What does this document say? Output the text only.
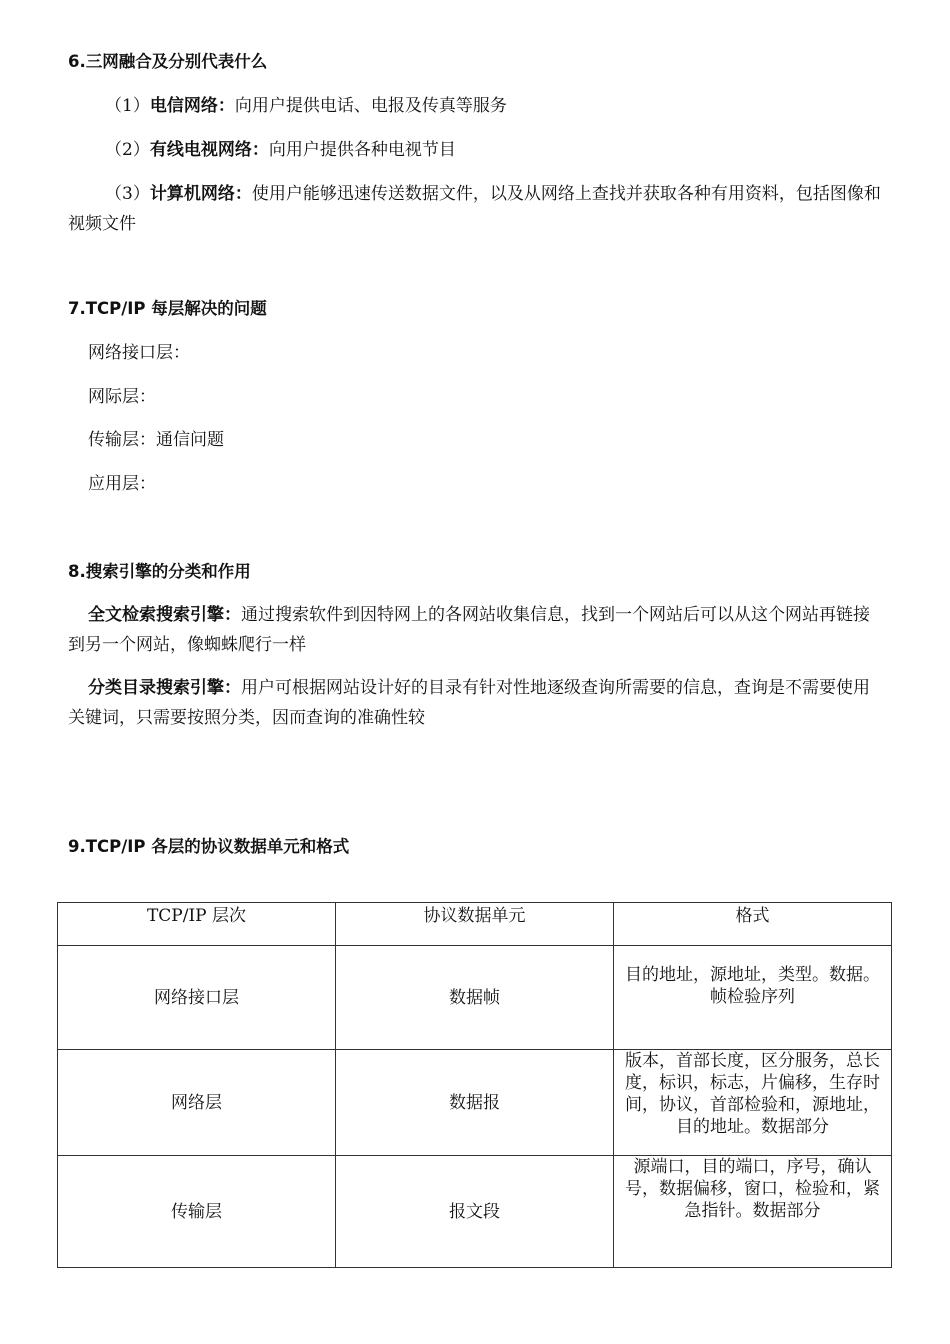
6.三网融合及分别代表什么
（1）电信网络：向用户提供电话、电报及传真等服务
（2）有线电视网络：向用户提供各种电视节目
（3）计算机网络：使用户能够迅速传送数据文件，以及从网络上查找并获取各种有用资料，包括图像和视频文件
7.TCP/IP 每层解决的问题
网络接口层：
网际层：
传输层：通信问题
应用层：
8.搜索引擎的分类和作用
全文检索搜索引擎：通过搜索软件到因特网上的各网站收集信息，找到一个网站后可以从这个网站再链接到另一个网站，像蜘蛛爬行一样
分类目录搜索引擎：用户可根据网站设计好的目录有针对性地逐级查询所需要的信息，查询是不需要使用关键词，只需要按照分类，因而查询的准确性较
9.TCP/IP 各层的协议数据单元和格式
TCP/IP 层次	协议数据单元	格式
网络接口层	数据帧	目的地址，源地址，类型。数据。帧检验序列
网络层	数据报	版本，首部长度，区分服务，总长度，标识，标志，片偏移，生存时间，协议，首部检验和，源地址， 目的地址。数据部分
传输层	报文段	源端口，目的端口，序号，确认号，数据偏移，窗口，检验和，紧急指针。数据部分
